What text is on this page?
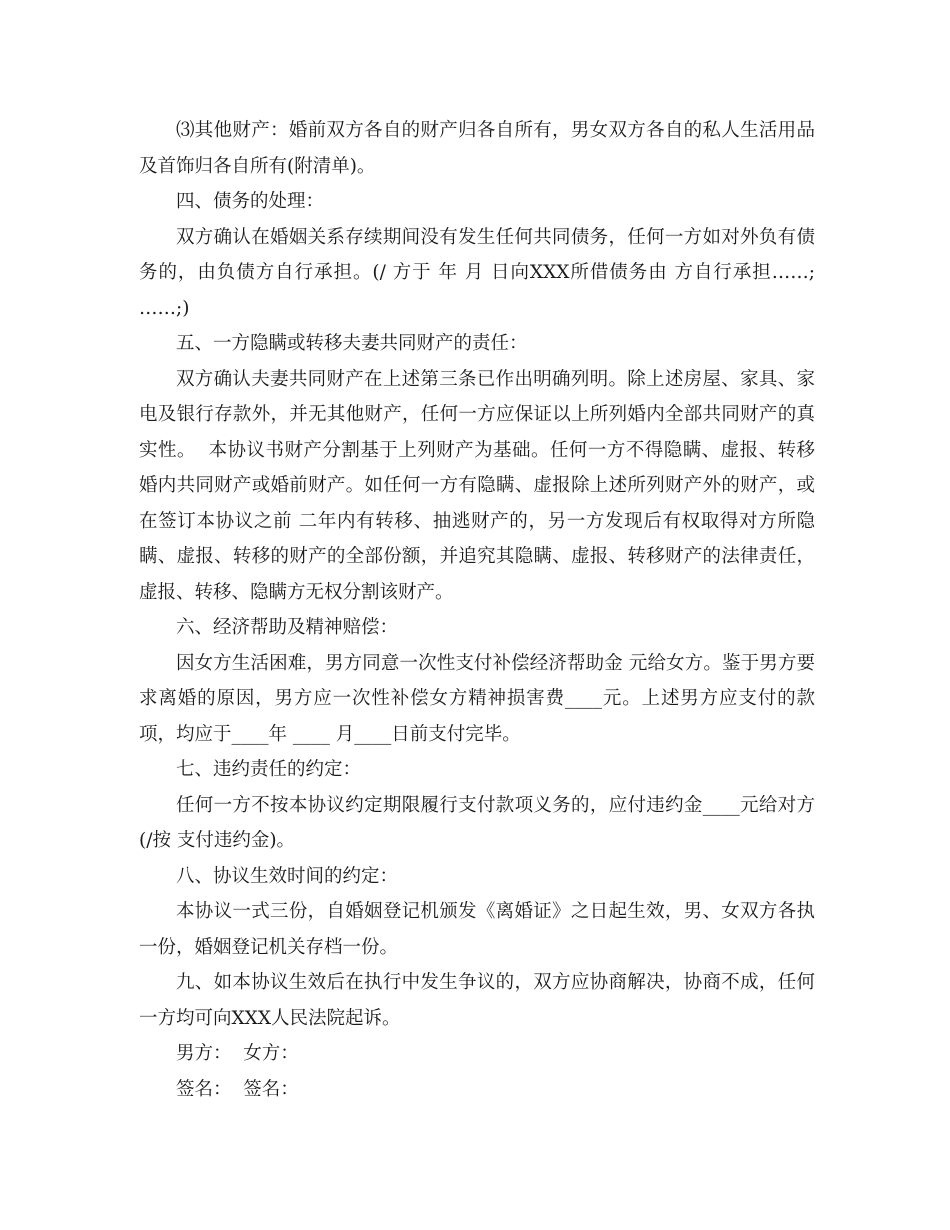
⑶其他财产：婚前双方各自的财产归各自所有，男女双方各自的私人生活用品及首饰归各自所有(附清单)。

四、债务的处理：

双方确认在婚姻关系存续期间没有发生任何共同债务，任何一方如对外负有债务的，由负债方自行承担。(/ 方于 年 月 日向XXX所借债务由 方自行承担……; ……;)

五、一方隐瞒或转移夫妻共同财产的责任：

双方确认夫妻共同财产在上述第三条已作出明确列明。除上述房屋、家具、家电及银行存款外，并无其他财产，任何一方应保证以上所列婚内全部共同财产的真实性。  本协议书财产分割基于上列财产为基础。任何一方不得隐瞒、虚报、转移婚内共同财产或婚前财产。如任何一方有隐瞒、虚报除上述所列财产外的财产，或在签订本协议之前 二年内有转移、抽逃财产的，另一方发现后有权取得对方所隐瞒、虚报、转移的财产的全部份额，并追究其隐瞒、虚报、转移财产的法律责任，虚报、转移、隐瞒方无权分割该财产。

六、经济帮助及精神赔偿：

因女方生活困难，男方同意一次性支付补偿经济帮助金 元给女方。鉴于男方要求离婚的原因，男方应一次性补偿女方精神损害费____元。上述男方应支付的款项，均应于____年 ____ 月____日前支付完毕。

七、违约责任的约定：

任何一方不按本协议约定期限履行支付款项义务的，应付违约金____元给对方(/按 支付违约金)。

八、协议生效时间的约定：

本协议一式三份，自婚姻登记机颁发《离婚证》之日起生效，男、女双方各执一份，婚姻登记机关存档一份。

九、如本协议生效后在执行中发生争议的，双方应协商解决，协商不成，任何一方均可向XXX人民法院起诉。

男方：  女方：

签名：  签名：
